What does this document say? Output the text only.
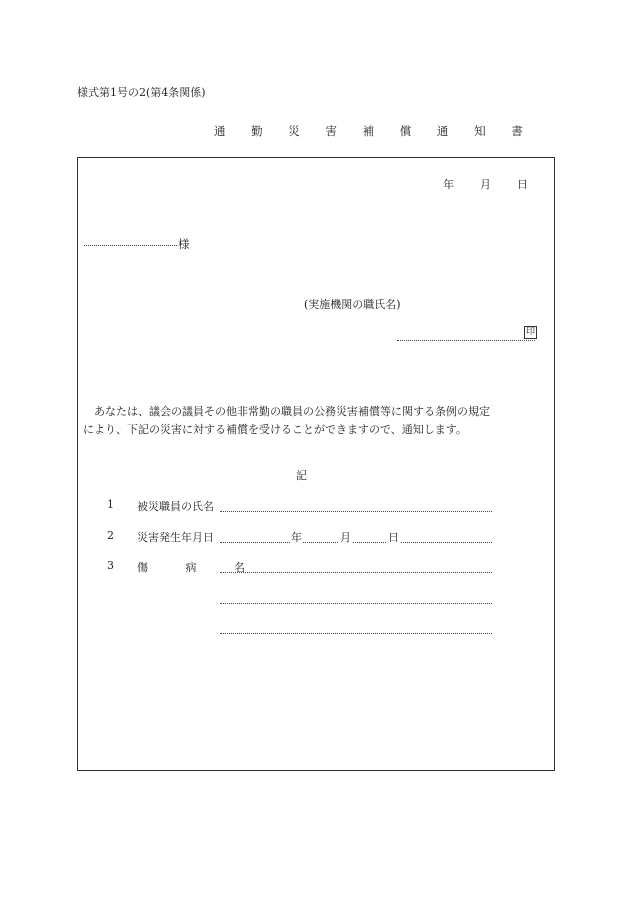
様式第1号の2(第4条関係)
通 勤 災 害 補 償 通 知 書
年 月 日
様
(実施機関の職氏名)
印
あなたは、議会の議員その他非常勤の職員の公務災害補償等に関する条例の規定
により、下記の災害に対する補償を受けることができますので、通知します。
記
1 被災職員の氏名
2 災害発生年月日	年	月	日
3 傷 病 名
